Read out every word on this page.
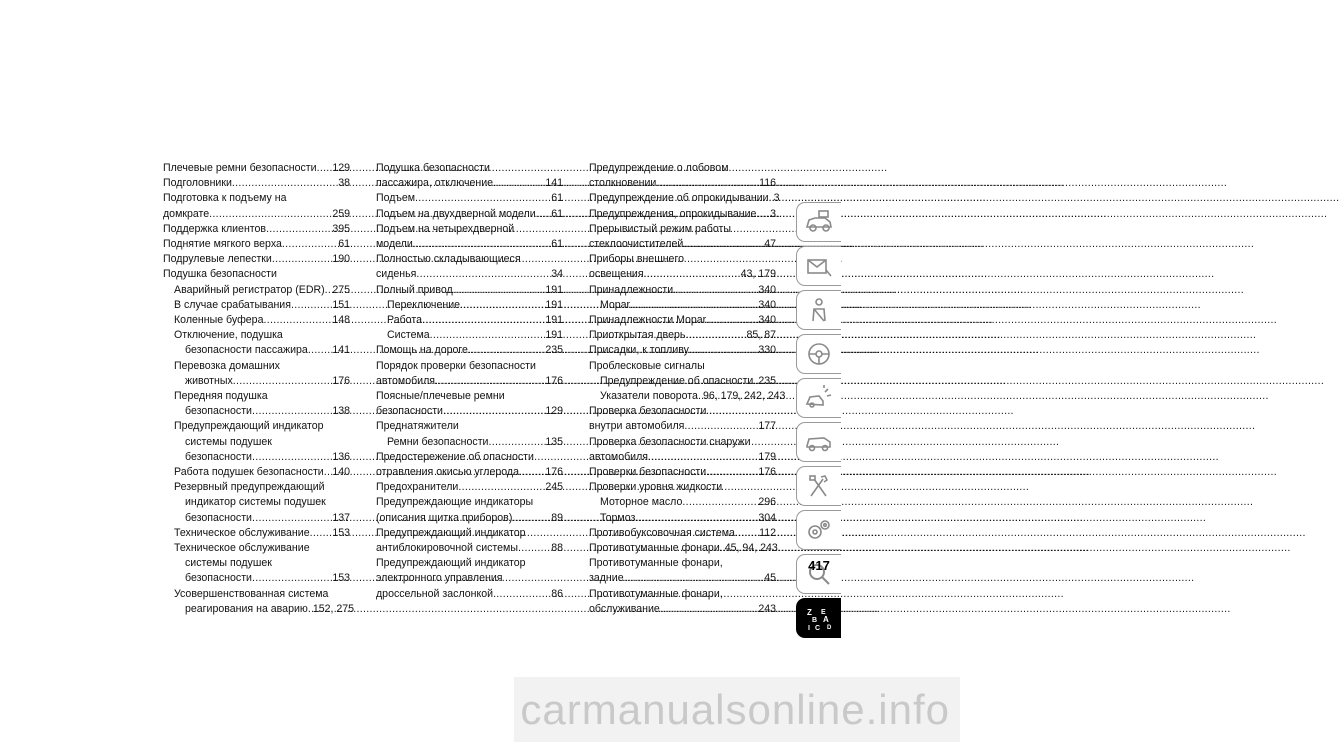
Плечевые ремни безопасности ..... 129
Подголовники .....	38
Подготовка к подъему на
домкрате .....	259
Поддержка клиентов .....	395
Поднятие мягкого верха .....	61
Подрулевые лепестки .....	190
Подушка безопасности
Аварийный регистратор (EDR) ..... 275
В случае срабатывания .....	151
Коленные буфера .....	148
Отключение, подушка
безопасности пассажира ..... 141
Перевозка домашних
животных .....	176
Передняя подушка
безопасности .....	138
Предупреждающий индикатор
системы подушек
безопасности .....	136
Работа подушек безопасности ..... 140
Резервный предупреждающий
индикатор системы подушек
безопасности .....	137
Техническое обслуживание ..... 153
Техническое обслуживание
системы подушек
безопасности .....	153
Усовершенствованная система
реагирования на аварию ..... 152, 275
Подушка безопасности
пассажира, отключение .....	141
Подъем .....	61
Подъем на двухдверной модели ..... 61
Подъем на четырехдверной
модели .....	61
Полностью складывающиеся
сиденья .....	34
Полный привод .....	191
Переключение .....	191
Работа .....	191
Система .....	191
Помощь на дороге .....	235
Порядок проверки безопасности
автомобиля .....	176
Поясные/плечевые ремни
безопасности .....	129
Преднатяжители
Ремни безопасности .....	135
Предостережение об опасности
отравления окисью углерода ..... 176
Предохранители .....	245
Предупреждающие индикаторы
(описания щитка приборов) .....	89
Предупреждающий индикатор
антиблокировочной системы .....	88
Предупреждающий индикатор
электронного управления
дроссельной заслонкой .....	86
Предупреждение о лобовом
столкновении .....	116
Предупреждение об опрокидывании ..... 3
Предупреждения, опрокидывание ..... 3
Прерывистый режим работы
стеклоочистителей .....	47
Приборы внешнего
освещения .....	43, 179
Принадлежности .....	340
Mopar .....	340
Принадлежности Mopar .....	340
Приоткрытая дверь .....	85, 87
Присадки, к топливу .....	330
Проблесковые сигналы
Предупреждение об опасности ..... 235
Указатели поворота ..... 96, 179, 242, 243
Проверка безопасности
внутри автомобиля .....	177
Проверка безопасности снаружи
автомобиля .....	179
Проверки безопасности .....	176
Проверки уровня жидкости
Моторное масло .....	296
Тормоз .....	304
Противобуксовочная система ..... 112
Противотуманные фонари ..... 45, 94, 243
Противотуманные фонари,
задние .....	45
Противотуманные фонари,
обслуживание .....	243	Z E
B A
I C D
417
carmanualsonline.info
